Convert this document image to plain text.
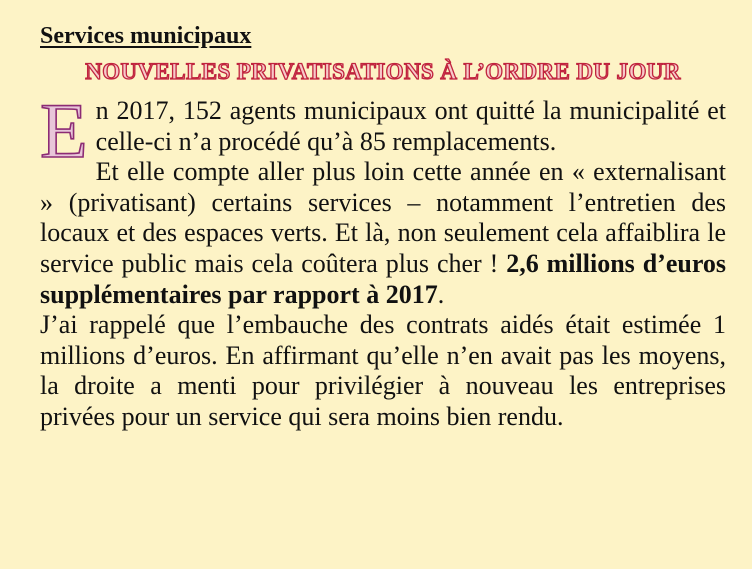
Services municipaux
NOUVELLES PRIVATISATIONS À L’ORDRE DU JOUR

En 2017, 152 agents municipaux ont quitté la municipalité et celle-ci n’a procédé qu’à 85 remplacements.

Et elle compte aller plus loin cette année en « externalisant » (privatisant) certains services – notamment l’entretien des locaux et des espaces verts. Et là, non seulement cela affaiblira le service public mais cela coûtera plus cher ! 2,6 millions d’euros supplémentaires par rapport à 2017.

J’ai rappelé que l’embauche des contrats aidés était estimée 1 millions d’euros. En affirmant qu’elle n’en avait pas les moyens, la droite a menti pour privilégier à nouveau les entreprises privées pour un service qui sera moins bien rendu.
